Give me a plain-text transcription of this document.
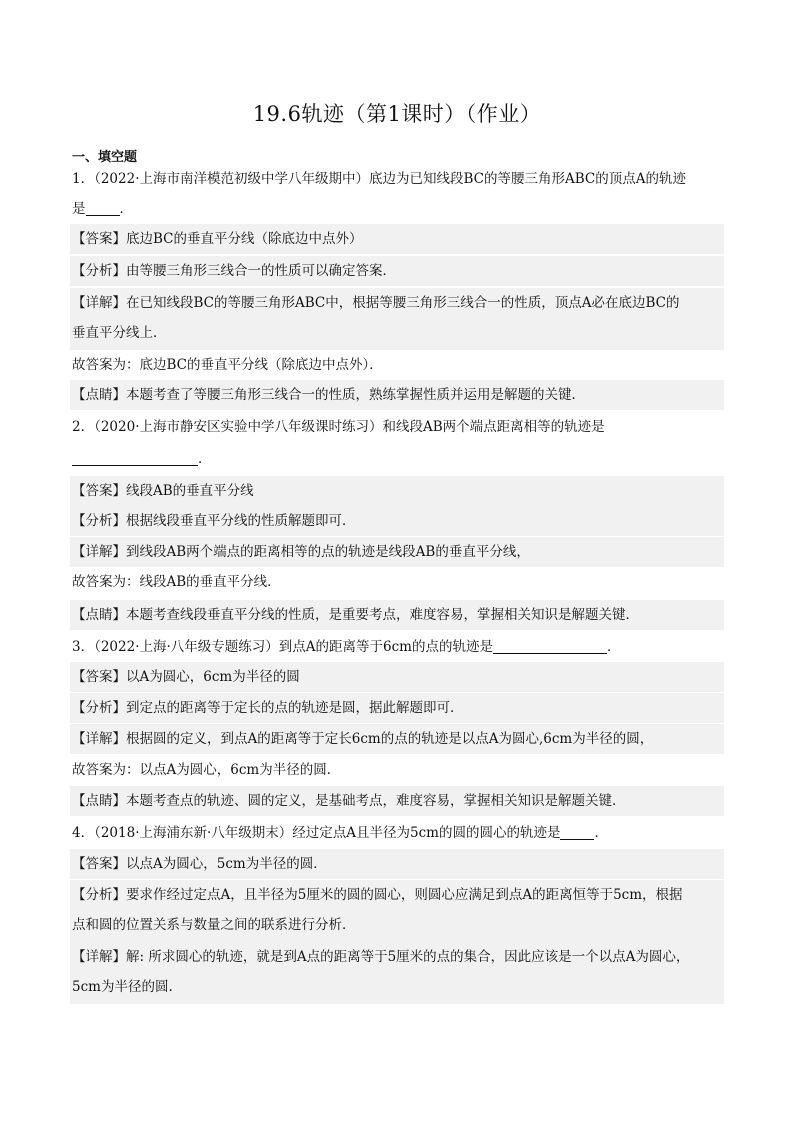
19.6轨迹（第1课时）（作业）
一、填空题
1．（2022·上海市南洋模范初级中学八年级期中）底边为已知线段BC的等腰三角形ABC的顶点A的轨迹
是	．
【答案】底边BC的垂直平分线（除底边中点外）
【分析】由等腰三角形三线合一的性质可以确定答案．
【详解】在已知线段BC的等腰三角形ABC中，根据等腰三角形三线合一的性质，顶点A必在底边BC的
垂直平分线上．
故答案为：底边BC的垂直平分线（除底边中点外）．
【点睛】本题考查了等腰三角形三线合一的性质，熟练掌握性质并运用是解题的关键．
2．（2020·上海市静安区实验中学八年级课时练习）和线段AB两个端点距离相等的轨迹是
．
【答案】线段AB的垂直平分线
【分析】根据线段垂直平分线的性质解题即可．
【详解】到线段AB两个端点的距离相等的点的轨迹是线段AB的垂直平分线，
故答案为：线段AB的垂直平分线．
【点睛】本题考查线段垂直平分线的性质，是重要考点，难度容易，掌握相关知识是解题关键．
3．（2022·上海·八年级专题练习）到点A的距离等于6cm的点的轨迹是	．
【答案】以A为圆心，6cm为半径的圆
【分析】到定点的距离等于定长的点的轨迹是圆，据此解题即可．
【详解】根据圆的定义，到点A的距离等于定长6cm的点的轨迹是以点A为圆心,6cm为半径的圆，
故答案为：以点A为圆心，6cm为半径的圆．
【点睛】本题考查点的轨迹、圆的定义，是基础考点，难度容易，掌握相关知识是解题关键．
4．（2018·上海浦东新·八年级期末）经过定点A且半径为5cm的圆的圆心的轨迹是	．
【答案】以点A为圆心，5cm为半径的圆．
【分析】要求作经过定点A，且半径为5厘米的圆的圆心，则圆心应满足到点A的距离恒等于5cm，根据
点和圆的位置关系与数量之间的联系进行分析．
【详解】解: 所求圆心的轨迹，就是到A点的距离等于5厘米的点的集合，因此应该是一个以点A为圆心，
5cm为半径的圆.
